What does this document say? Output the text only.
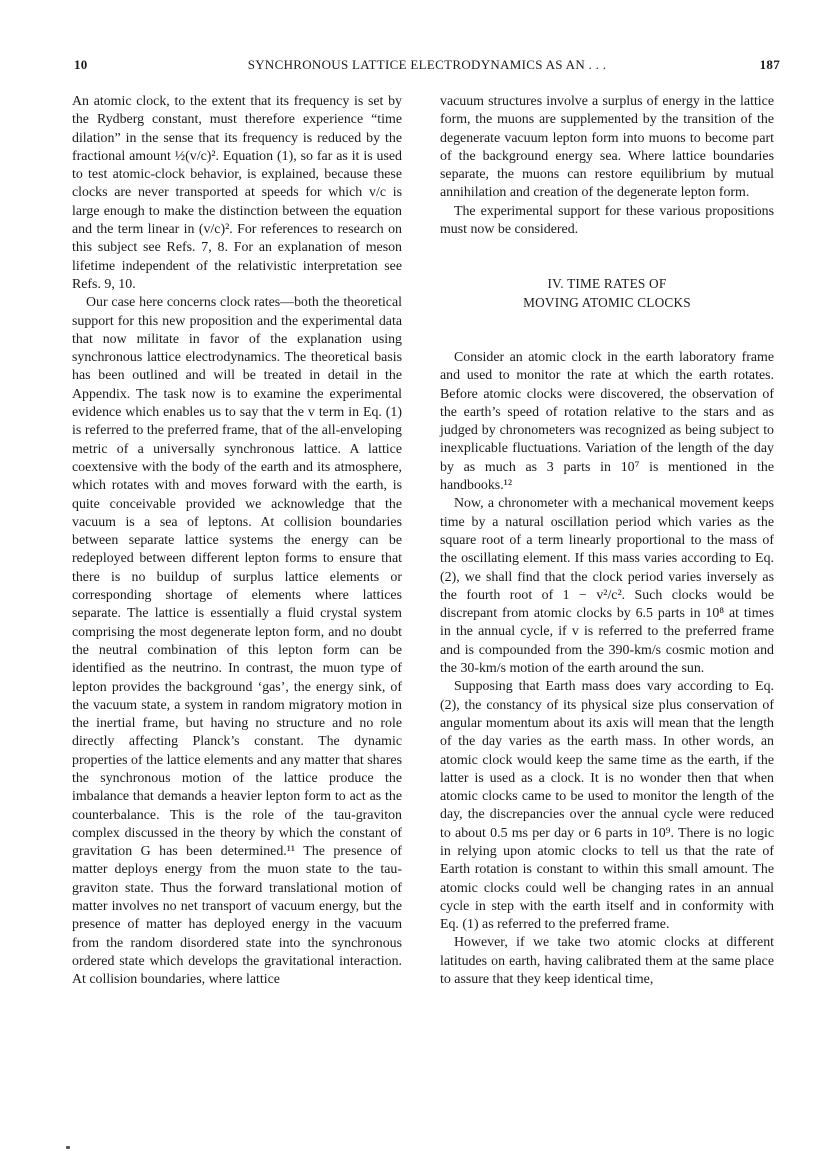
10	SYNCHRONOUS LATTICE ELECTRODYNAMICS AS AN . . .	187

An atomic clock, to the extent that its frequency is set by the Rydberg constant, must therefore experience “time dilation” in the sense that its frequency is reduced by the fractional amount ½(v/c)². Equation (1), so far as it is used to test atomic-clock behavior, is explained, because these clocks are never transported at speeds for which v/c is large enough to make the distinction between the equation and the term linear in (v/c)². For references to research on this subject see Refs. 7, 8. For an explanation of meson lifetime independent of the relativistic interpretation see Refs. 9, 10.

Our case here concerns clock rates—both the theoretical support for this new proposition and the experimental data that now militate in favor of the explanation using synchronous lattice electrodynamics. The theoretical basis has been outlined and will be treated in detail in the Appendix. The task now is to examine the experimental evidence which enables us to say that the v term in Eq. (1) is referred to the preferred frame, that of the all-enveloping metric of a universally synchronous lattice. A lattice coextensive with the body of the earth and its atmosphere, which rotates with and moves forward with the earth, is quite conceivable provided we acknowledge that the vacuum is a sea of leptons. At collision boundaries between separate lattice systems the energy can be redeployed between different lepton forms to ensure that there is no buildup of surplus lattice elements or corresponding shortage of elements where lattices separate. The lattice is essentially a fluid crystal system comprising the most degenerate lepton form, and no doubt the neutral combination of this lepton form can be identified as the neutrino. In contrast, the muon type of lepton provides the background ‘gas’, the energy sink, of the vacuum state, a system in random migratory motion in the inertial frame, but having no structure and no role directly affecting Planck’s constant. The dynamic properties of the lattice elements and any matter that shares the synchronous motion of the lattice produce the imbalance that demands a heavier lepton form to act as the counterbalance. This is the role of the tau-graviton complex discussed in the theory by which the constant of gravitation G has been determined.¹¹ The presence of matter deploys energy from the muon state to the tau-graviton state. Thus the forward translational motion of matter involves no net transport of vacuum energy, but the presence of matter has deployed energy in the vacuum from the random disordered state into the synchronous ordered state which develops the gravitational interaction. At collision boundaries, where lattice

vacuum structures involve a surplus of energy in the lattice form, the muons are supplemented by the transition of the degenerate vacuum lepton form into muons to become part of the background energy sea. Where lattice boundaries separate, the muons can restore equilibrium by mutual annihilation and creation of the degenerate lepton form.

The experimental support for these various propositions must now be considered.

IV. TIME RATES OF
MOVING ATOMIC CLOCKS

Consider an atomic clock in the earth laboratory frame and used to monitor the rate at which the earth rotates. Before atomic clocks were discovered, the observation of the earth’s speed of rotation relative to the stars and as judged by chronometers was recognized as being subject to inexplicable fluctuations. Variation of the length of the day by as much as 3 parts in 10⁷ is mentioned in the handbooks.¹²

Now, a chronometer with a mechanical movement keeps time by a natural oscillation period which varies as the square root of a term linearly proportional to the mass of the oscillating element. If this mass varies according to Eq. (2), we shall find that the clock period varies inversely as the fourth root of 1 − v²/c². Such clocks would be discrepant from atomic clocks by 6.5 parts in 10⁸ at times in the annual cycle, if v is referred to the preferred frame and is compounded from the 390-km/s cosmic motion and the 30-km/s motion of the earth around the sun.

Supposing that Earth mass does vary according to Eq. (2), the constancy of its physical size plus conservation of angular momentum about its axis will mean that the length of the day varies as the earth mass. In other words, an atomic clock would keep the same time as the earth, if the latter is used as a clock. It is no wonder then that when atomic clocks came to be used to monitor the length of the day, the discrepancies over the annual cycle were reduced to about 0.5 ms per day or 6 parts in 10⁹. There is no logic in relying upon atomic clocks to tell us that the rate of Earth rotation is constant to within this small amount. The atomic clocks could well be changing rates in an annual cycle in step with the earth itself and in conformity with Eq. (1) as referred to the preferred frame.

However, if we take two atomic clocks at different latitudes on earth, having calibrated them at the same place to assure that they keep identical time,
